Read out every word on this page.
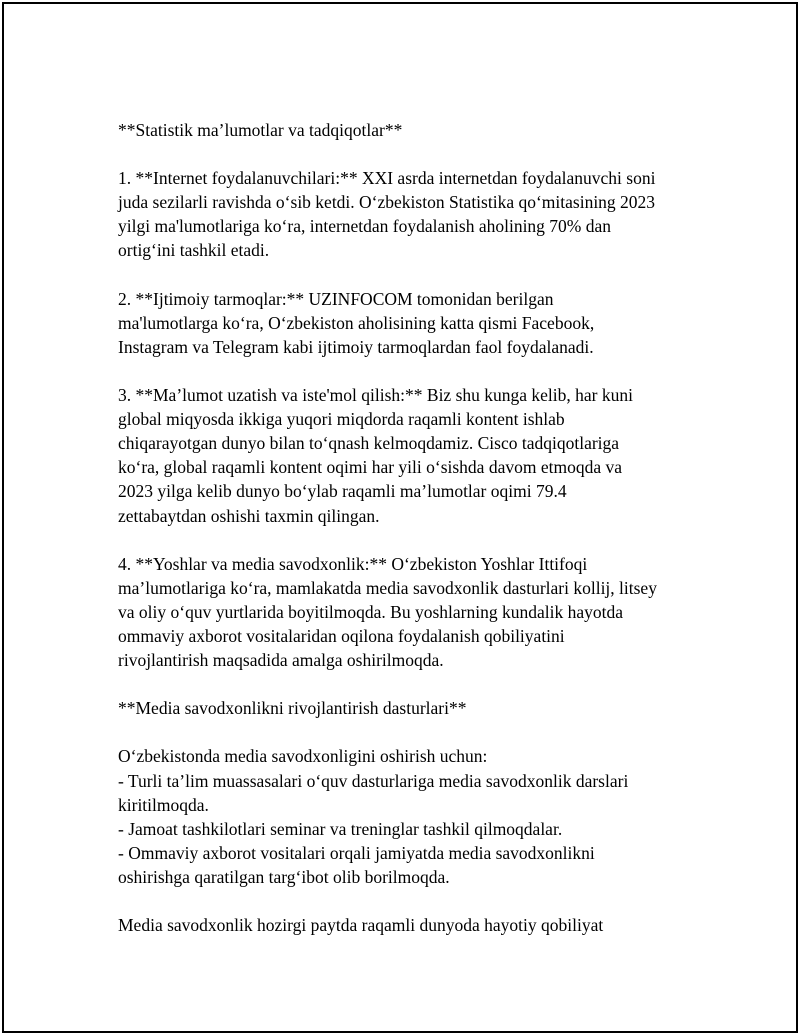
**Statistik ma’lumotlar va tadqiqotlar**
1. **Internet foydalanuvchilari:** XXI asrda internetdan foydalanuvchi soni
juda sezilarli ravishda o‘sib ketdi. O‘zbekiston Statistika qo‘mitasining 2023
yilgi ma'lumotlariga ko‘ra, internetdan foydalanish aholining 70% dan
ortig‘ini tashkil etadi.
2. **Ijtimoiy tarmoqlar:** UZINFOCOM tomonidan berilgan
ma'lumotlarga ko‘ra, O‘zbekiston aholisining katta qismi Facebook,
Instagram va Telegram kabi ijtimoiy tarmoqlardan faol foydalanadi.
3. **Ma’lumot uzatish va iste'mol qilish:** Biz shu kunga kelib, har kuni
global miqyosda ikkiga yuqori miqdorda raqamli kontent ishlab
chiqarayotgan dunyo bilan to‘qnash kelmoqdamiz. Cisco tadqiqotlariga
ko‘ra, global raqamli kontent oqimi har yili o‘sishda davom etmoqda va
2023 yilga kelib dunyo bo‘ylab raqamli ma’lumotlar oqimi 79.4
zettabaytdan oshishi taxmin qilingan.
4. **Yoshlar va media savodxonlik:** O‘zbekiston Yoshlar Ittifoqi
ma’lumotlariga ko‘ra, mamlakatda media savodxonlik dasturlari kollij, litsey
va oliy o‘quv yurtlarida boyitilmoqda. Bu yoshlarning kundalik hayotda
ommaviy axborot vositalaridan oqilona foydalanish qobiliyatini
rivojlantirish maqsadida amalga oshirilmoqda.
**Media savodxonlikni rivojlantirish dasturlari**
O‘zbekistonda media savodxonligini oshirish uchun:
- Turli ta’lim muassasalari o‘quv dasturlariga media savodxonlik darslari
kiritilmoqda.
- Jamoat tashkilotlari seminar va treninglar tashkil qilmoqdalar.
- Ommaviy axborot vositalari orqali jamiyatda media savodxonlikni
oshirishga qaratilgan targ‘ibot olib borilmoqda.
Media savodxonlik hozirgi paytda raqamli dunyoda hayotiy qobiliyat
